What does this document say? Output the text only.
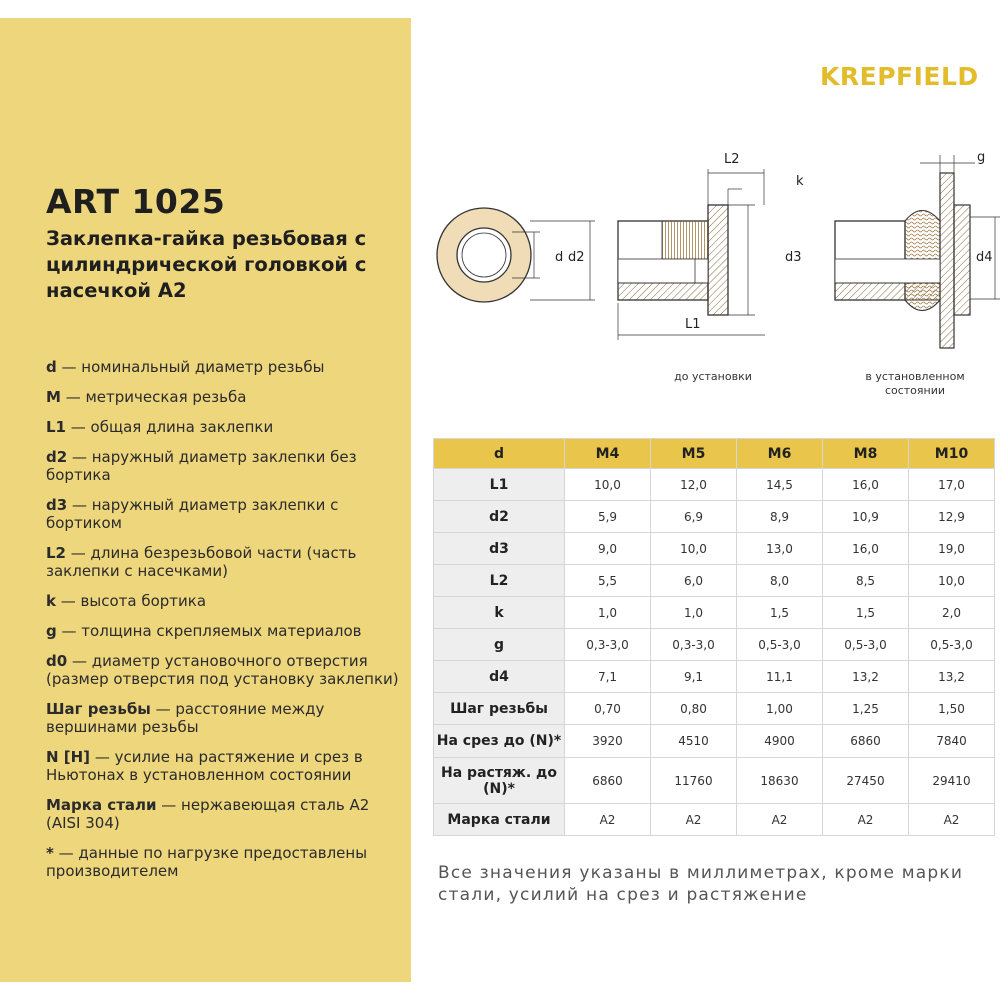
ART 1025
Заклепка-гайка резьбовая с цилиндрической головкой с насечкой А2
d — номинальный диаметр резьбы
M — метрическая резьба
L1 — общая длина заклепки
d2 — наружный диаметр заклепки без бортика
d3 — наружный диаметр заклепки с бортиком
L2 — длина безрезьбовой части (часть заклепки с насечками)
k — высота бортика
g — толщина скрепляемых материалов
d0 — диаметр установочного отверстия (размер отверстия под установку заклепки)
Шаг резьбы — расстояние между вершинами резьбы
N [H] — усилие на растяжение и срез в Ньютонах в установленном состоянии
Марка стали — нержавеющая сталь А2 (AISI 304)
* — данные по нагрузке предоставлены производителем
KREPFIELD
d d2	d3	d4
L2
L1
k
g
до установки	в установленном состоянии
d	M4	M5	M6	M8	M10
L1	10,0	12,0	14,5	16,0	17,0
d2	5,9	6,9	8,9	10,9	12,9
d3	9,0	10,0	13,0	16,0	19,0
L2	5,5	6,0	8,0	8,5	10,0
k	1,0	1,0	1,5	1,5	2,0
g	0,3-3,0	0,3-3,0	0,5-3,0	0,5-3,0	0,5-3,0
d4	7,1	9,1	11,1	13,2	13,2
Шаг резьбы	0,70	0,80	1,00	1,25	1,50
На срез до (N)*	3920	4510	4900	6860	7840
На растяж. до (N)*	6860	11760	18630	27450	29410
Марка стали	А2	А2	А2	А2	А2
Все значения указаны в миллиметрах, кроме марки стали, усилий на срез и растяжение
